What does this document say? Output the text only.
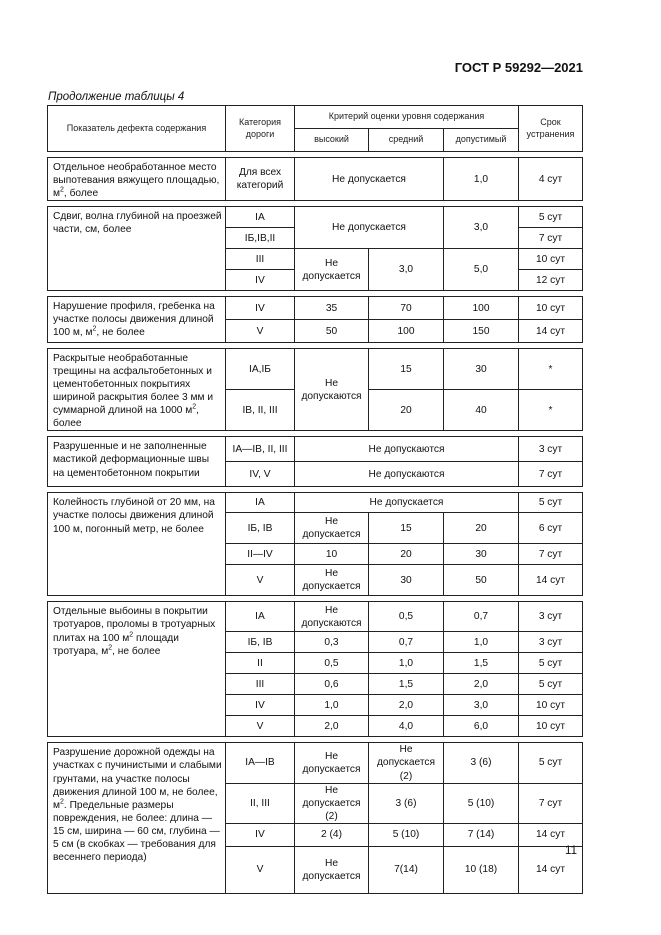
ГОСТ Р 59292—2021
Продолжение таблицы 4
Показатель дефекта содержания	Категория дороги	Критерий оценки уровня содержания			Срок устранения
		высокий	средний	допустимый	

Отдельное необработанное место выпотевания вяжущего площадью, $м^2$, более	Для всех категорий	Не допускается		1,0	4 сут

Сдвиг, волна глубиной на проезжей части, см, более	IA	Не допускается		3,0	5 сут
	IБ,IB,II				7 сут
	III	Не допускается	3,0	5,0	10 сут
	IV				12 сут

Нарушение профиля, гребенка на участке полосы движения длиной 100 м, $м^2$, не более	IV	35	70	100	10 сут
	V	50	100	150	14 сут

Раскрытые необработанные трещины на асфальтобетонных и цементобетонных покрытиях шириной раскрытия более 3 мм и суммарной длиной на 1000 $м^2$, более	IA,IБ	Не допускаются	15	30	*
	IB, II, III		20	40	*

Разрушенные и не заполненные мастикой деформационные швы на цементобетонном покрытии	IA—IB, II, III	Не допускаются			3 сут
	IV, V	Не допускаются			7 сут

Колейность глубиной от 20 мм, на участке полосы движения длиной 100 м, погонный метр, не более	IA	Не допускается			5 сут
	IБ, IB	Не допускается	15	20	6 сут
	II—IV	10	20	30	7 сут
	V	Не допускается	30	50	14 сут

Отдельные выбоины в покрытии тротуаров, проломы в тротуарных плитах на 100 $м^2$ площади тротуара, $м^2$, не более	IA	Не допускаются	0,5	0,7	3 сут
	IБ, IB	0,3	0,7	1,0	3 сут
	II	0,5	1,0	1,5	5 сут
	III	0,6	1,5	2,0	5 сут
	IV	1,0	2,0	3,0	10 сут
	V	2,0	4,0	6,0	10 сут

Разрушение дорожной одежды на участках с пучинистыми и слабыми грунтами, на участке полосы движения длиной 100 м, не более, $м^2$. Предельные размеры повреждения, не более: длина — 15 см, ширина — 60 см, глубина — 5 см (в скобках — требования для весеннего периода)	IA—IB	Не допускается	Не допускается (2)	3 (6)	5 сут
	II, III	Не допускается (2)	3 (6)	5 (10)	7 сут
	IV	2 (4)	5 (10)	7 (14)	14 сут
	V	Не допускается	7(14)	10 (18)	14 сут
11
